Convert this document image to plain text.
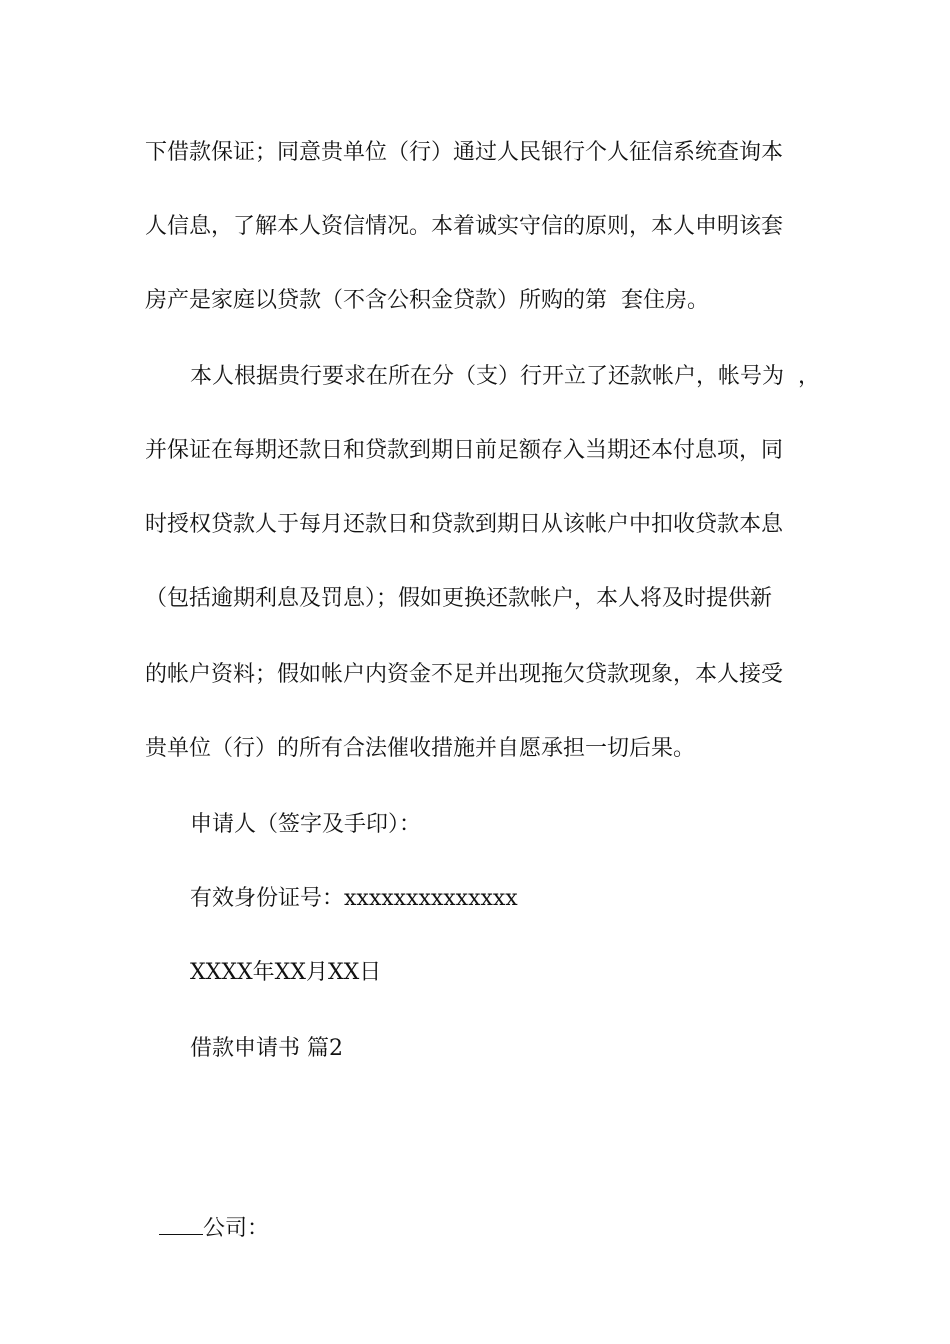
下借款保证；同意贵单位（行）通过人民银行个人征信系统查询本
人信息，了解本人资信情况。本着诚实守信的原则，本人申明该套
房产是家庭以贷款（不含公积金贷款）所购的第  套住房。
本人根据贵行要求在所在分（支）行开立了还款帐户，帐号为  ，
并保证在每期还款日和贷款到期日前足额存入当期还本付息项，同
时授权贷款人于每月还款日和贷款到期日从该帐户中扣收贷款本息
（包括逾期利息及罚息）；假如更换还款帐户，本人将及时提供新
的帐户资料；假如帐户内资金不足并出现拖欠贷款现象，本人接受
贵单位（行）的所有合法催收措施并自愿承担一切后果。
申请人（签字及手印）：
有效身份证号：xxxxxxxxxxxxxx
XXXX年XX月XX日
借款申请书 篇2

公司：
